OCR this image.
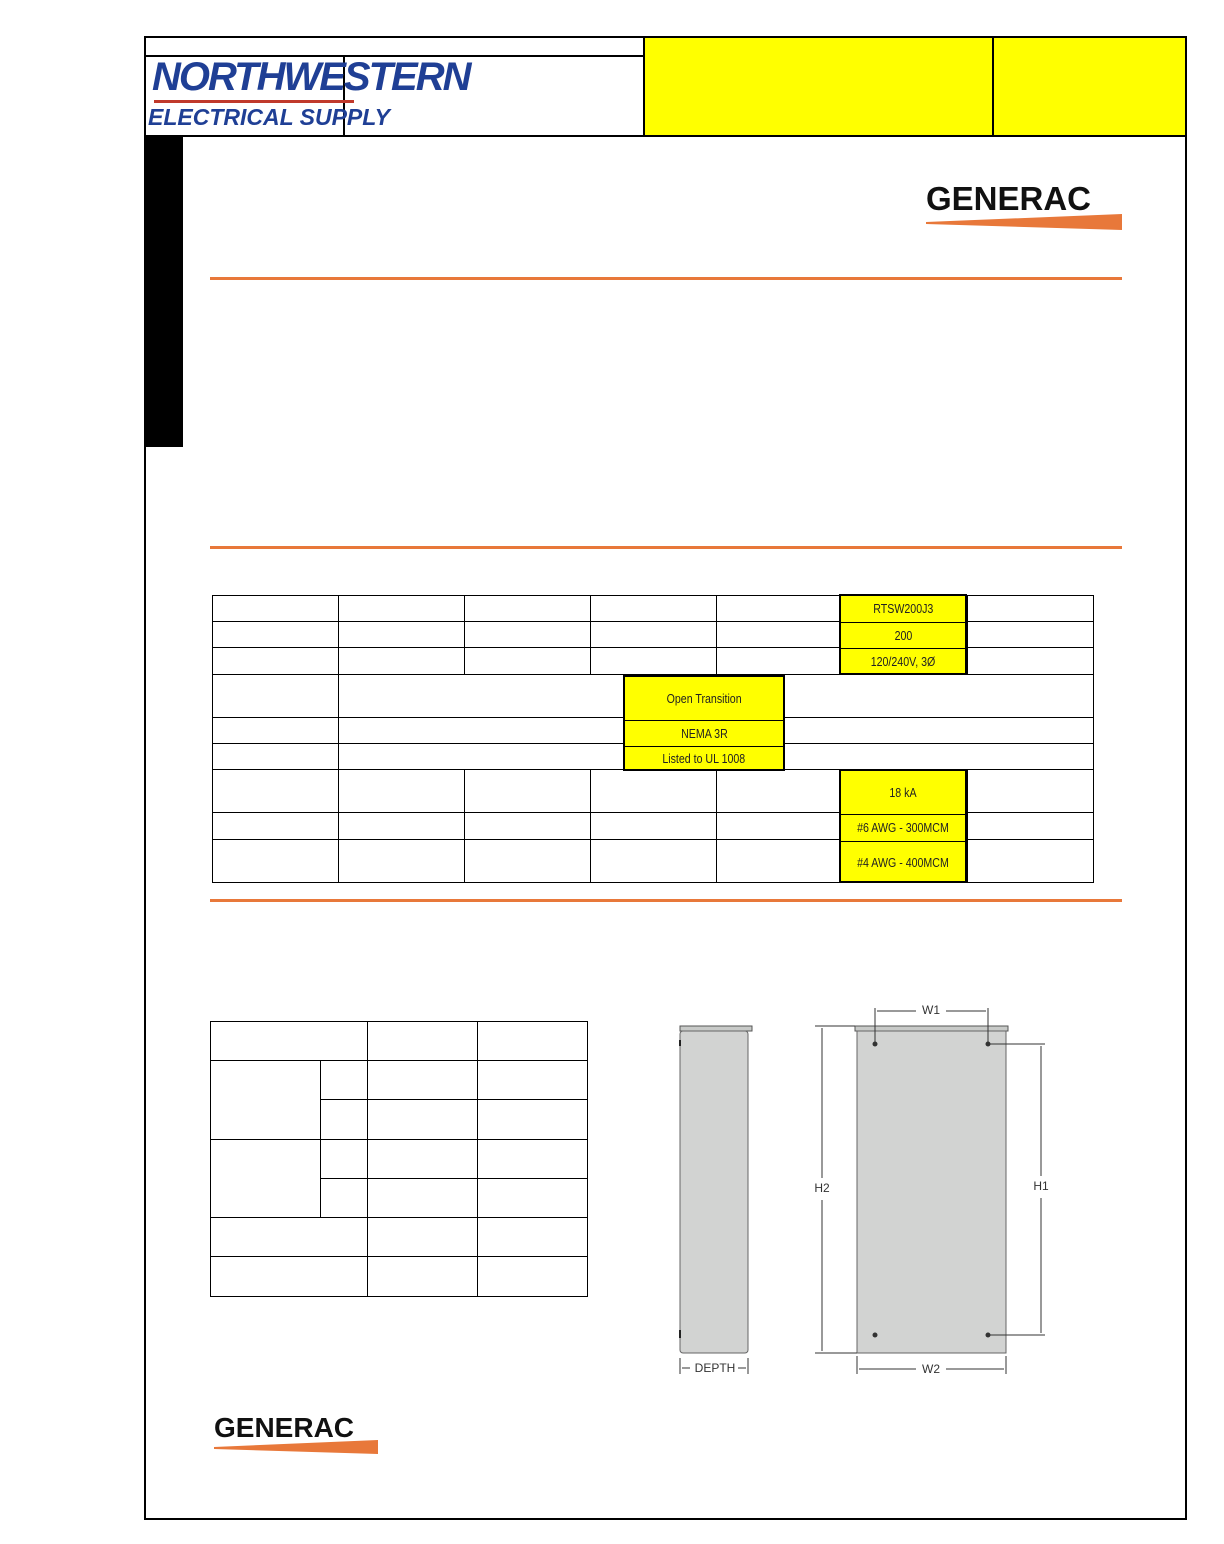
NORTHWESTERN
ELECTRICAL SUPPLY
GENERAC

RTSW200J3
200
120/240V, 3Ø
Open Transition
NEMA 3R
Listed to UL 1008
18 kA
#6 AWG - 300MCM
#4 AWG - 400MCM

W1
H2	H1
W2
DEPTH
GENERAC
